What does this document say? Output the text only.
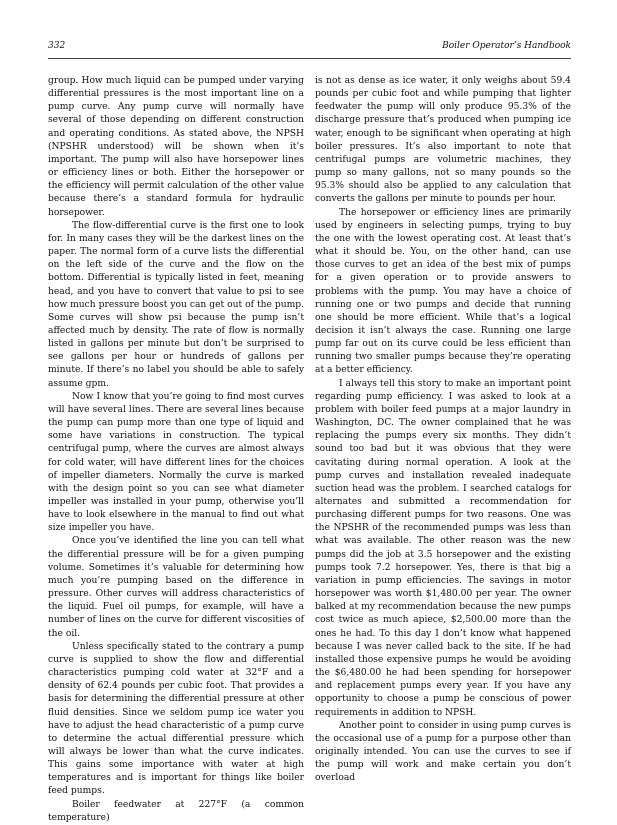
332	Boiler Operator’s Handbook

group. How much liquid can be pumped under varying differential pressures is the most important line on a pump curve. Any pump curve will normally have several of those depending on different construction and operating conditions. As stated above, the NPSH (NPSHR understood) will be shown when it’s important. The pump will also have horsepower lines or efficiency lines or both. Either the horsepower or the efficiency will permit calculation of the other value because there’s a standard formula for hydraulic horsepower.

The flow-differential curve is the first one to look for. In many cases they will be the darkest lines on the paper. The normal form of a curve lists the differential on the left side of the curve and the flow on the bottom. Differential is typically listed in feet, meaning head, and you have to convert that value to psi to see how much pressure boost you can get out of the pump. Some curves will show psi because the pump isn’t affected much by density. The rate of flow is normally listed in gallons per minute but don’t be surprised to see gallons per hour or hundreds of gallons per minute. If there’s no label you should be able to safely assume gpm.

Now I know that you’re going to find most curves will have several lines. There are several lines because the pump can pump more than one type of liquid and some have variations in construction. The typical centrifugal pump, where the curves are almost always for cold water, will have different lines for the choices of impeller diameters. Normally the curve is marked with the design point so you can see what diameter impeller was installed in your pump, otherwise you’ll have to look elsewhere in the manual to find out what size impeller you have.

Once you’ve identified the line you can tell what the differential pressure will be for a given pumping volume. Sometimes it’s valuable for determining how much you’re pumping based on the difference in pressure. Other curves will address characteristics of the liquid. Fuel oil pumps, for example, will have a number of lines on the curve for different viscosities of the oil.

Unless specifically stated to the contrary a pump curve is supplied to show the flow and differential characteristics pumping cold water at 32°F and a density of 62.4 pounds per cubic foot. That provides a basis for determining the differential pressure at other fluid densities. Since we seldom pump ice water you have to adjust the head characteristic of a pump curve to determine the actual differential pressure which will always be lower than what the curve indicates. This gains some importance with water at high temperatures and is important for things like boiler feed pumps.

Boiler feedwater at 227°F (a common temperature)

is not as dense as ice water, it only weighs about 59.4 pounds per cubic foot and while pumping that lighter feedwater the pump will only produce 95.3% of the discharge pressure that’s produced when pumping ice water, enough to be significant when operating at high boiler pressures. It’s also important to note that centrifugal pumps are volumetric machines, they pump so many gallons, not so many pounds so the 95.3% should also be applied to any calculation that converts the gallons per minute to pounds per hour.

The horsepower or efficiency lines are primarily used by engineers in selecting pumps, trying to buy the one with the lowest operating cost. At least that’s what it should be. You, on the other hand, can use those curves to get an idea of the best mix of pumps for a given operation or to provide answers to problems with the pump. You may have a choice of running one or two pumps and decide that running one should be more efficient. While that’s a logical decision it isn’t always the case. Running one large pump far out on its curve could be less efficient than running two smaller pumps because they’re operating at a better efficiency.

I always tell this story to make an important point regarding pump efficiency. I was asked to look at a problem with boiler feed pumps at a major laundry in Washington, DC. The owner complained that he was replacing the pumps every six months. They didn’t sound too bad but it was obvious that they were cavitating during normal operation. A look at the pump curves and installation revealed inadequate suction head was the problem. I searched catalogs for alternates and submitted a recommendation for purchasing different pumps for two reasons. One was the NPSHR of the recommended pumps was less than what was available. The other reason was the new pumps did the job at 3.5 horsepower and the existing pumps took 7.2 horsepower. Yes, there is that big a variation in pump efficiencies. The savings in motor horsepower was worth $1,480.00 per year. The owner balked at my recommendation because the new pumps cost twice as much apiece, $2,500.00 more than the ones he had. To this day I don’t know what happened because I was never called back to the site. If he had installed those expensive pumps he would be avoiding the $6,480.00 he had been spending for horsepower and replacement pumps every year. If you have any opportunity to choose a pump be conscious of power requirements in addition to NPSH.

Another point to consider in using pump curves is the occasional use of a pump for a purpose other than originally intended. You can use the curves to see if the pump will work and make certain you don’t overload
